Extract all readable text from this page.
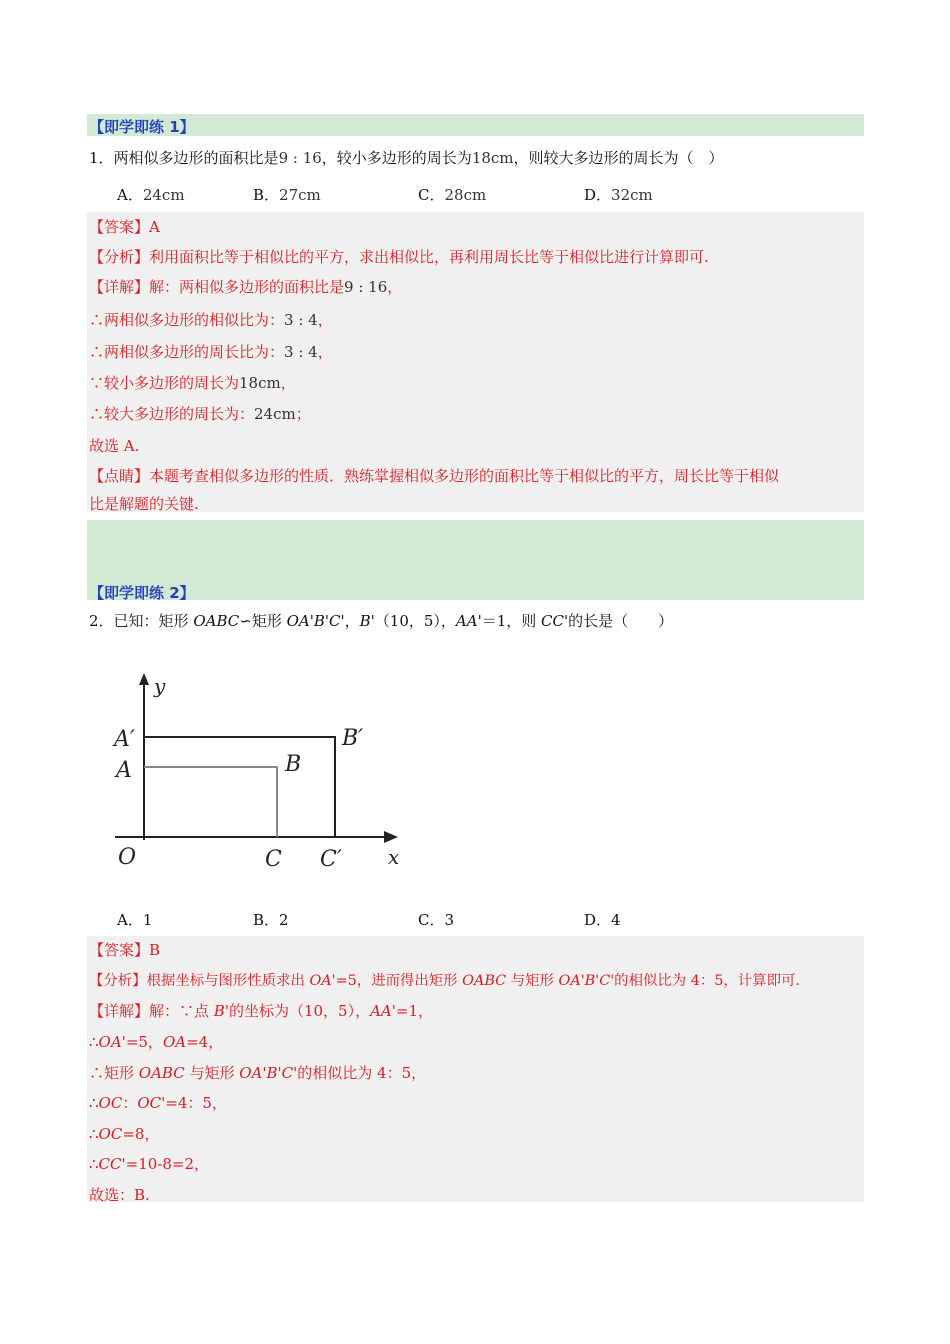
【即学即练 1】
1．两相似多边形的面积比是9 : 16，较小多边形的周长为18cm，则较大多边形的周长为（　）
A．24cm	B．27cm	C．28cm	D．32cm
【答案】A
【分析】利用面积比等于相似比的平方，求出相似比，再利用周长比等于相似比进行计算即可.
【详解】解：两相似多边形的面积比是9 : 16，
∴两相似多边形的相似比为：3 : 4，
∴两相似多边形的周长比为：3 : 4，
∵较小多边形的周长为18cm，
∴较大多边形的周长为：24cm；
故选 A.
【点睛】本题考查相似多边形的性质．熟练掌握相似多边形的面积比等于相似比的平方，周长比等于相似
比是解题的关键.
【即学即练 2】
2．已知：矩形 OABC∽矩形 OA'B'C'，B'（10，5），AA'＝1，则 CC'的长是（　　）
y
A′
A
B′
B
O	C C′ x
A．1	B．2	C．3	D．4
【答案】B
【分析】根据坐标与图形性质求出 OA'=5，进而得出矩形 OABC 与矩形 OA'B'C'的相似比为 4：5，计算即可.
【详解】解：∵点 B'的坐标为（10，5），AA'=1，
∴OA'=5，OA=4，
∴矩形 OABC 与矩形 OA'B'C'的相似比为 4：5，
∴OC：OC'=4：5，
∴OC=8，
∴CC'=10-8=2，
故选：B.
